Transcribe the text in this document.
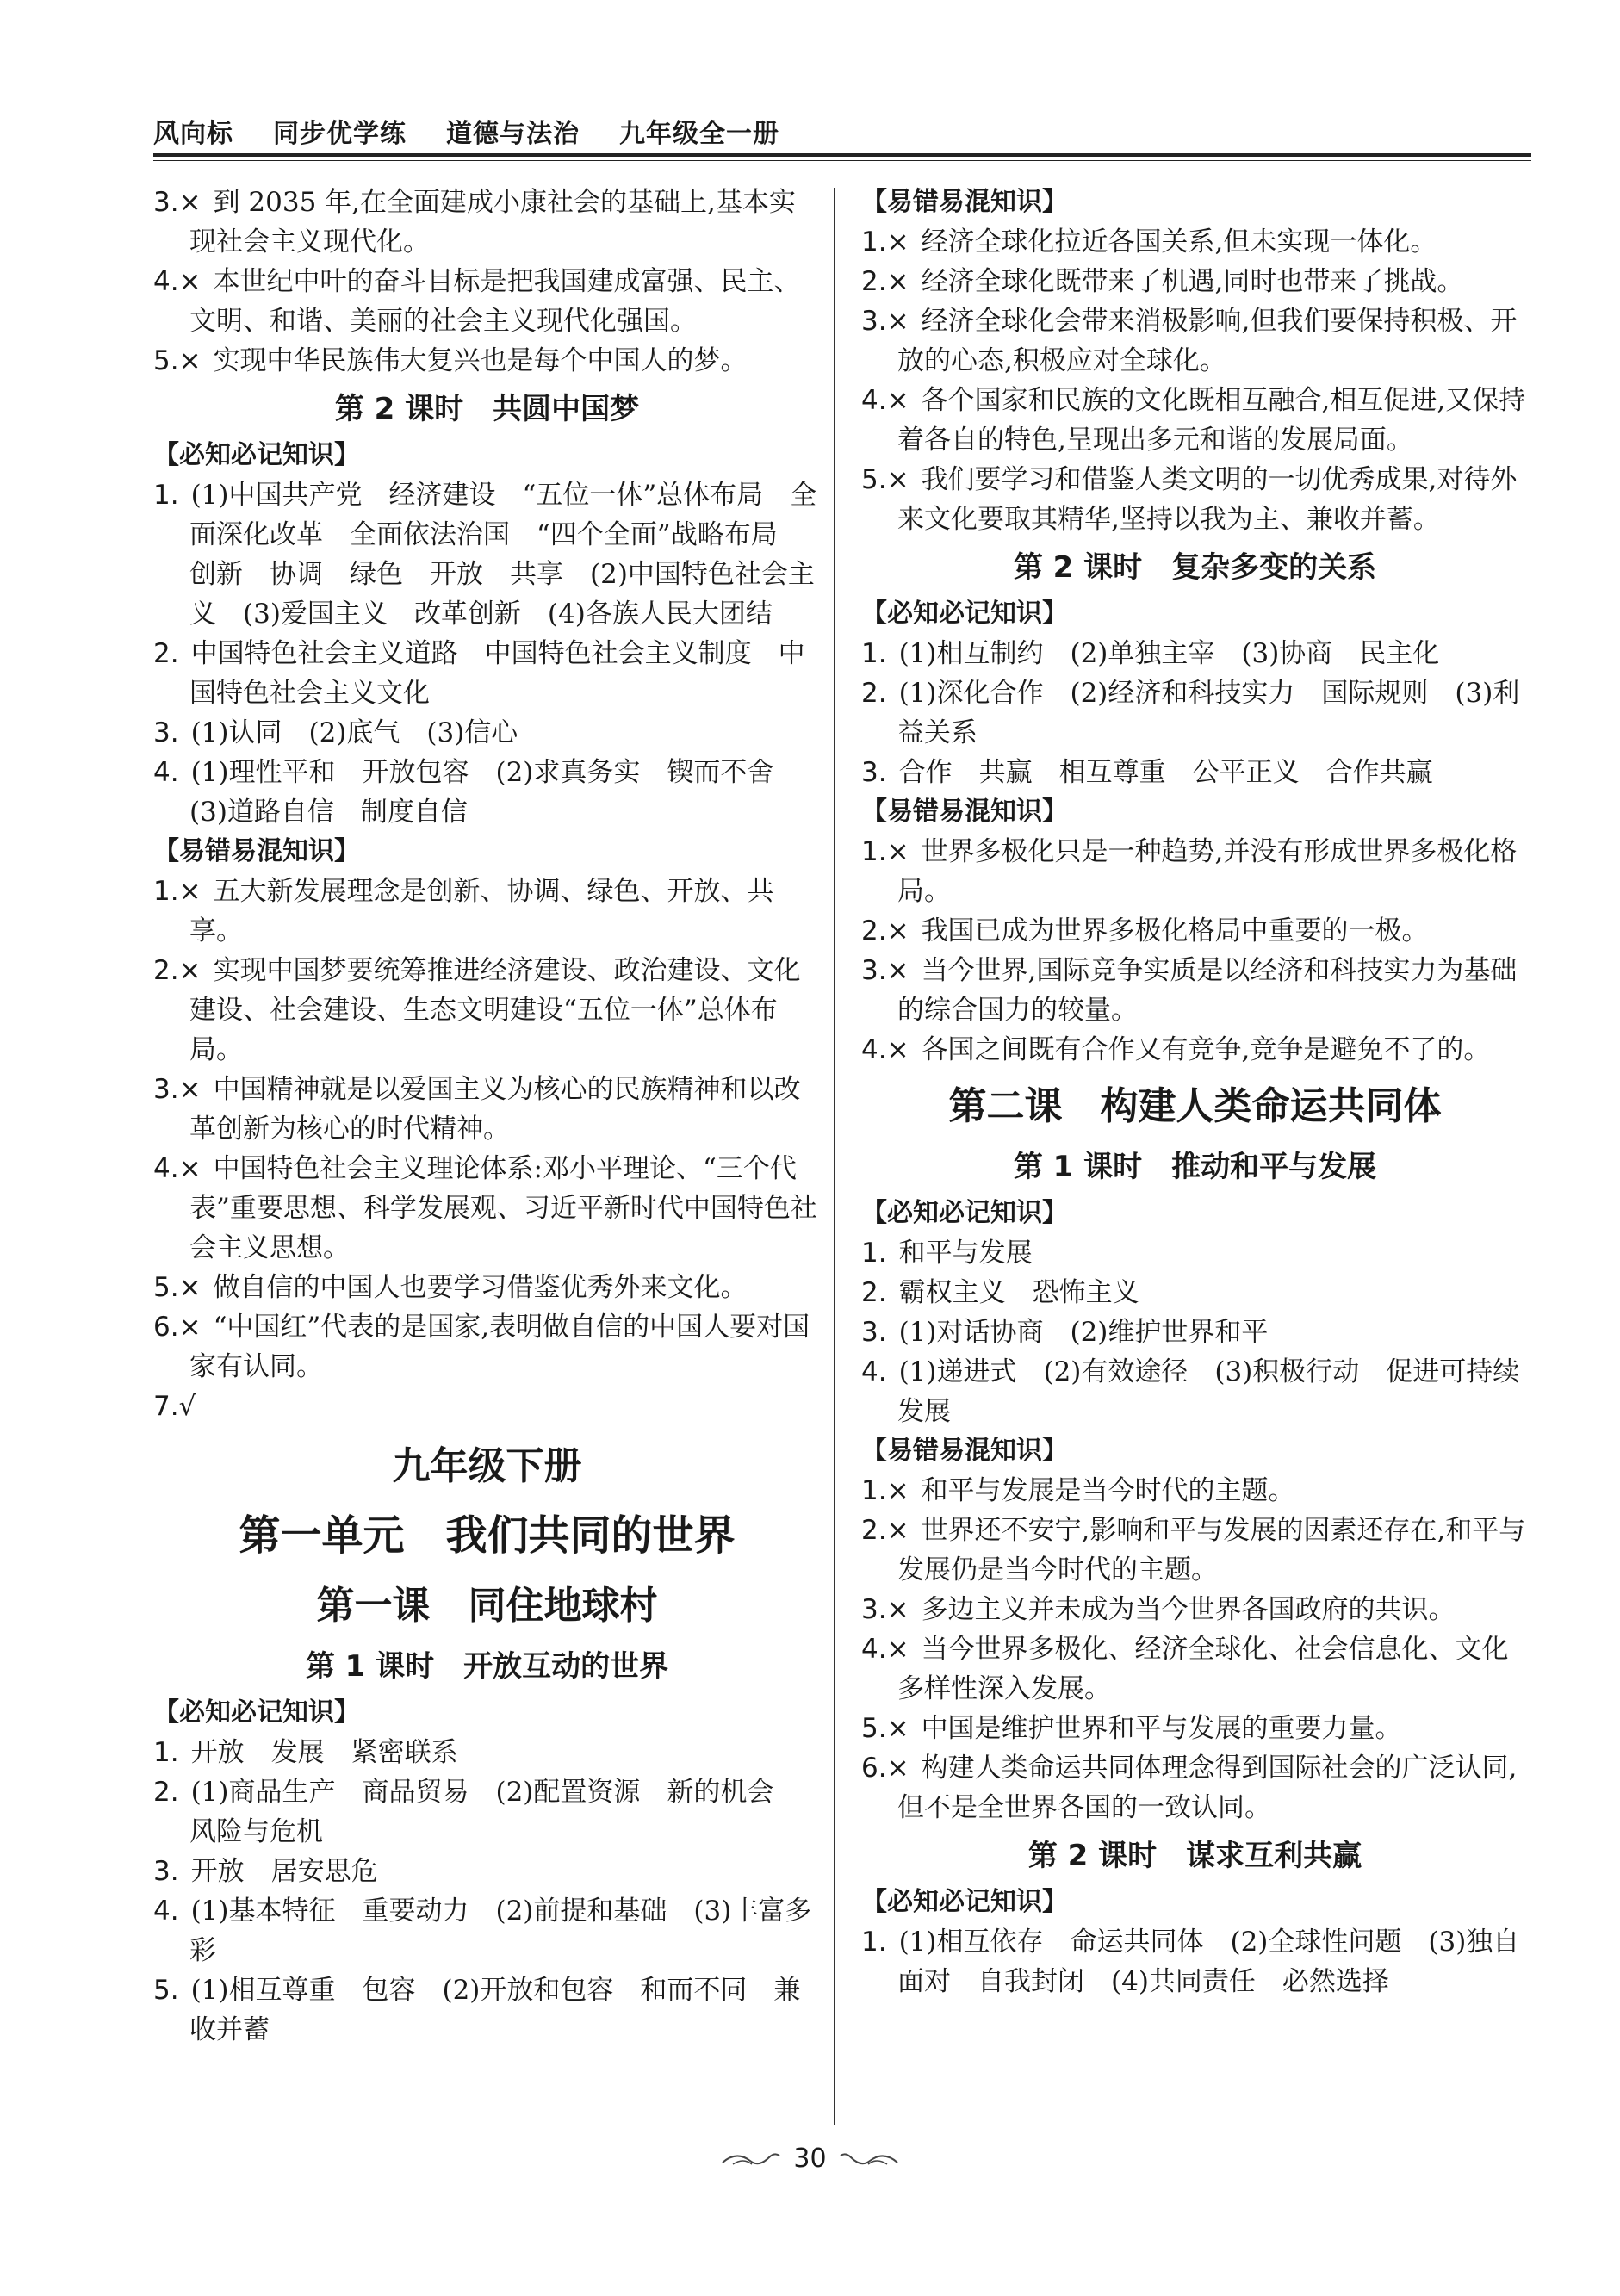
风向标 同步优学练 道德与法治 九年级全一册
3.× 到 2035 年,在全面建成小康社会的基础上,基本实现社会主义现代化。
4.× 本世纪中叶的奋斗目标是把我国建成富强、民主、文明、和谐、美丽的社会主义现代化强国。
5.× 实现中华民族伟大复兴也是每个中国人的梦。
第 2 课时　共圆中国梦
【必知必记知识】
1. (1)中国共产党　经济建设　“五位一体”总体布局　全面深化改革　全面依法治国　“四个全面”战略布局　创新　协调　绿色　开放　共享　(2)中国特色社会主义　(3)爱国主义　改革创新　(4)各族人民大团结
2. 中国特色社会主义道路　中国特色社会主义制度　中国特色社会主义文化
3. (1)认同　(2)底气　(3)信心
4. (1)理性平和　开放包容　(2)求真务实　锲而不舍　(3)道路自信　制度自信
【易错易混知识】
1.× 五大新发展理念是创新、协调、绿色、开放、共享。
2.× 实现中国梦要统筹推进经济建设、政治建设、文化建设、社会建设、生态文明建设“五位一体”总体布局。
3.× 中国精神就是以爱国主义为核心的民族精神和以改革创新为核心的时代精神。
4.× 中国特色社会主义理论体系:邓小平理论、“三个代表”重要思想、科学发展观、习近平新时代中国特色社会主义思想。
5.× 做自信的中国人也要学习借鉴优秀外来文化。
6.× “中国红”代表的是国家,表明做自信的中国人要对国家有认同。
7.√
九年级下册
第一单元　我们共同的世界
第一课　同住地球村
第 1 课时　开放互动的世界
【必知必记知识】
1. 开放　发展　紧密联系
2. (1)商品生产　商品贸易　(2)配置资源　新的机会　风险与危机
3. 开放　居安思危
4. (1)基本特征　重要动力　(2)前提和基础　(3)丰富多彩
5. (1)相互尊重　包容　(2)开放和包容　和而不同　兼收并蓄
【易错易混知识】
1.× 经济全球化拉近各国关系,但未实现一体化。
2.× 经济全球化既带来了机遇,同时也带来了挑战。
3.× 经济全球化会带来消极影响,但我们要保持积极、开放的心态,积极应对全球化。
4.× 各个国家和民族的文化既相互融合,相互促进,又保持着各自的特色,呈现出多元和谐的发展局面。
5.× 我们要学习和借鉴人类文明的一切优秀成果,对待外来文化要取其精华,坚持以我为主、兼收并蓄。
第 2 课时　复杂多变的关系
【必知必记知识】
1. (1)相互制约　(2)单独主宰　(3)协商　民主化
2. (1)深化合作　(2)经济和科技实力　国际规则　(3)利益关系
3. 合作　共赢　相互尊重　公平正义　合作共赢
【易错易混知识】
1.× 世界多极化只是一种趋势,并没有形成世界多极化格局。
2.× 我国已成为世界多极化格局中重要的一极。
3.× 当今世界,国际竞争实质是以经济和科技实力为基础的综合国力的较量。
4.× 各国之间既有合作又有竞争,竞争是避免不了的。
第二课　构建人类命运共同体
第 1 课时　推动和平与发展
【必知必记知识】
1. 和平与发展
2. 霸权主义　恐怖主义
3. (1)对话协商　(2)维护世界和平
4. (1)递进式　(2)有效途径　(3)积极行动　促进可持续发展
【易错易混知识】
1.× 和平与发展是当今时代的主题。
2.× 世界还不安宁,影响和平与发展的因素还存在,和平与发展仍是当今时代的主题。
3.× 多边主义并未成为当今世界各国政府的共识。
4.× 当今世界多极化、经济全球化、社会信息化、文化多样性深入发展。
5.× 中国是维护世界和平与发展的重要力量。
6.× 构建人类命运共同体理念得到国际社会的广泛认同,但不是全世界各国的一致认同。
第 2 课时　谋求互利共赢
【必知必记知识】
1. (1)相互依存　命运共同体　(2)全球性问题　(3)独自面对　自我封闭　(4)共同责任　必然选择
30
